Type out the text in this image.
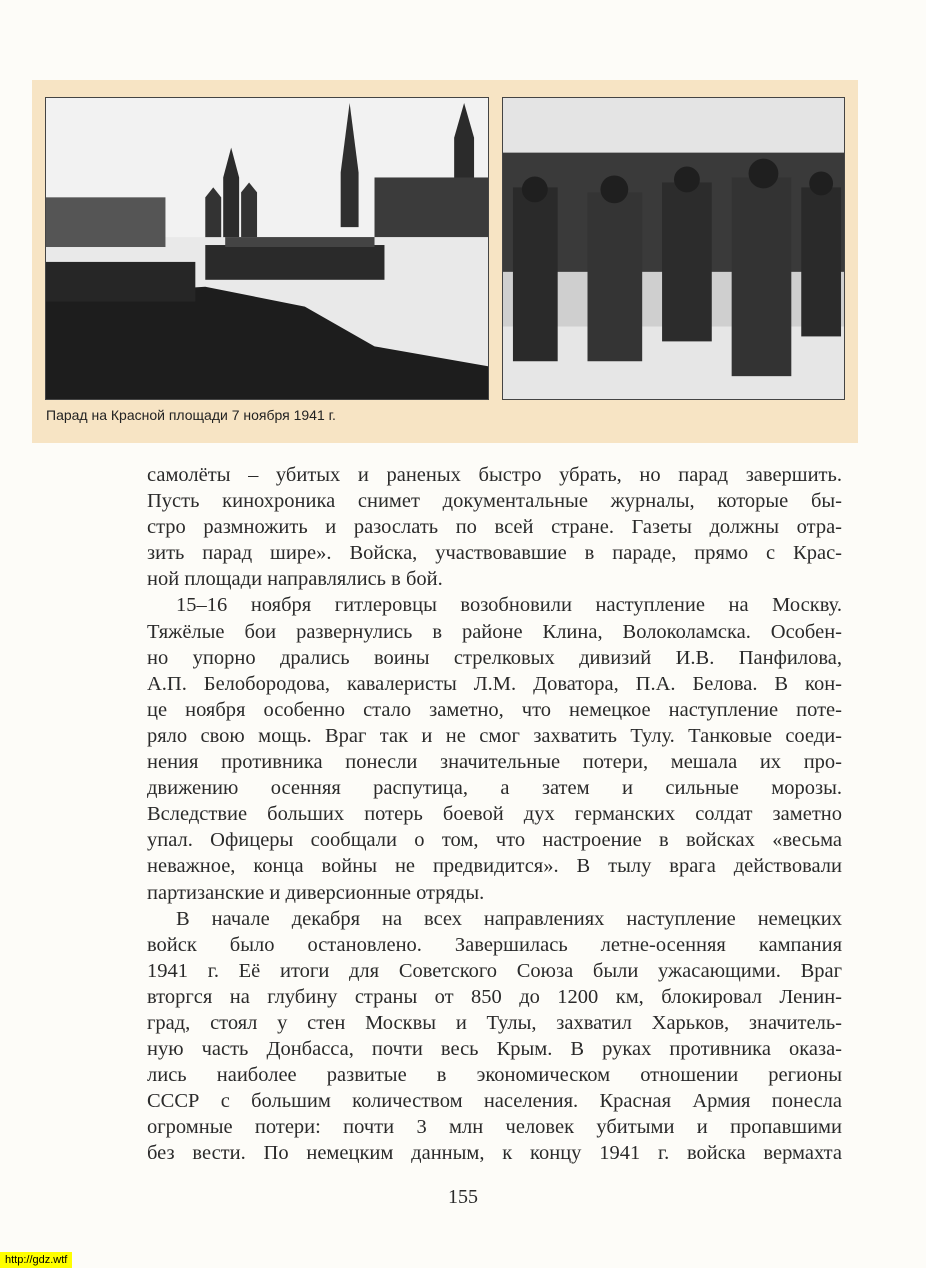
Парад на Красной площади 7 ноября 1941 г.
самолёты – убитых и раненых быстро убрать, но парад завершить.
Пусть кинохроника снимет документальные журналы, которые бы-
стро размножить и разослать по всей стране. Газеты должны отра-
зить парад шире». Войска, участвовавшие в параде, прямо с Крас-
ной площади направлялись в бой.
15–16 ноября гитлеровцы возобновили наступление на Москву.
Тяжёлые бои развернулись в районе Клина, Волоколамска. Особен-
но упорно дрались воины стрелковых дивизий И.В. Панфилова,
А.П. Белобородова, кавалеристы Л.М. Доватора, П.А. Белова. В кон-
це ноября особенно стало заметно, что немецкое наступление поте-
ряло свою мощь. Враг так и не смог захватить Тулу. Танковые соеди-
нения противника понесли значительные потери, мешала их про-
движению осенняя распутица, а затем и сильные морозы.
Вследствие больших потерь боевой дух германских солдат заметно
упал. Офицеры сообщали о том, что настроение в войсках «весьма
неважное, конца войны не предвидится». В тылу врага действовали
партизанские и диверсионные отряды.
В начале декабря на всех направлениях наступление немецких
войск было остановлено. Завершилась летне-осенняя кампания
1941 г. Её итоги для Советского Союза были ужасающими. Враг
вторгся на глубину страны от 850 до 1200 км, блокировал Ленин-
град, стоял у стен Москвы и Тулы, захватил Харьков, значитель-
ную часть Донбасса, почти весь Крым. В руках противника оказа-
лись наиболее развитые в экономическом отношении регионы
СССР с большим количеством населения. Красная Армия понесла
огромные потери: почти 3 млн человек убитыми и пропавшими
без вести. По немецким данным, к концу 1941 г. войска вермахта
155
http://gdz.wtf
